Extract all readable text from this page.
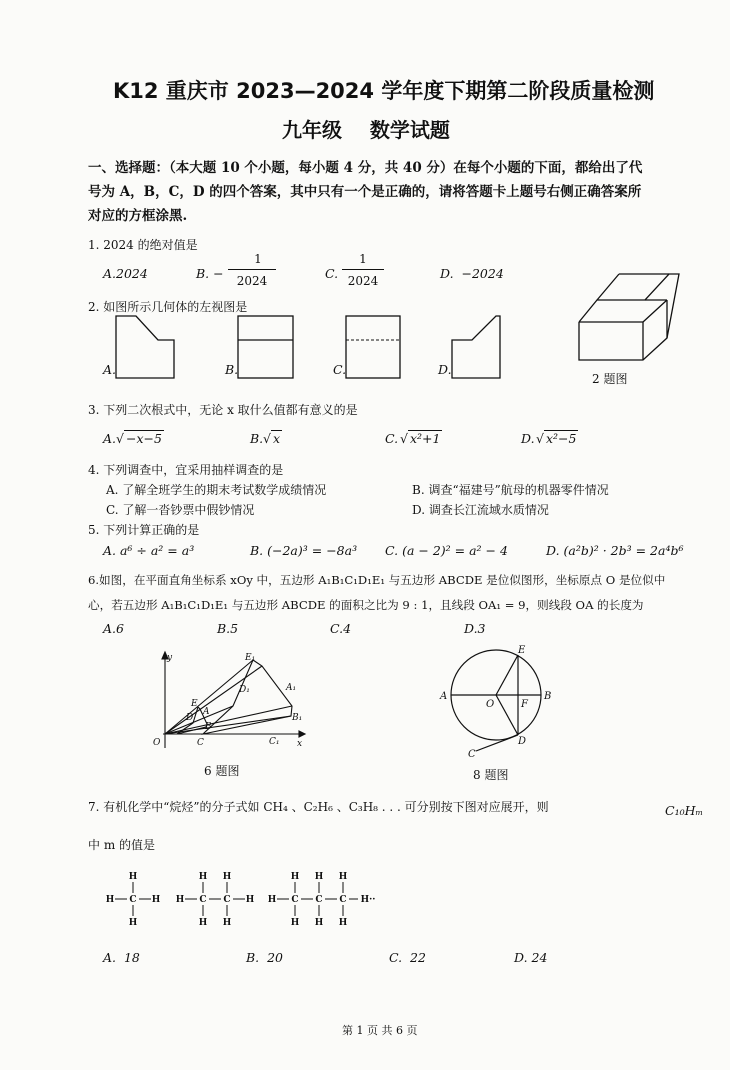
K12 重庆市 2023—2024 学年度下期第二阶段质量检测
九年级    数学试题
一、选择题：（本大题 10 个小题，每小题 4 分，共 40 分）在每个小题的下面，都给出了代
号为 A，B，C，D 的四个答案，其中只有一个是正确的，请将答题卡上题号右侧正确答案所
对应的方框涂黑.
1. 2024 的绝对值是
A.2024	B. −
1
2024	C.
1
2024	D.  −2024
2. 如图所示几何体的左视图是
A.	B.	C.	D.
2 题图
3. 下列二次根式中，无论 x 取什么值都有意义的是
A. √ −x−5	B. √ x	C. √ x²+1	D. √ x²−5
4. 下列调查中，宜采用抽样调查的是
A. 了解全班学生的期末考试数学成绩情况	B. 调查“福建号”航母的机器零件情况
C. 了解一沓钞票中假钞情况	D. 调查长江流域水质情况
5. 下列计算正确的是
A. a⁶ ÷ a² = a³	B. (−2a)³ = −8a³ C. (a − 2)² = a² − 4	D. (a²b)² · 2b³ = 2a⁴b⁶
6.如图，在平面直角坐标系 xOy 中，五边形 A₁B₁C₁D₁E₁ 与五边形 ABCDE 是位似图形，坐标原点 O 是位似中
心，若五边形 A₁B₁C₁D₁E₁ 与五边形 ABCDE 的面积之比为 9 : 1，且线段 OA₁ = 9，则线段 OA 的长度为
A.6	B.5	C.4	D.3
y
x
O
E₁
D₁	A₁
B₁
C₁
E
D
A
B
C
6 题图
E
B
A
O	F
D
C
8 题图
7. 有机化学中“烷烃”的分子式如 CH₄ 、C₂H₆ 、C₃H₈ . . . 可分别按下图对应展开，则	C₁₀Hₘ
中 m 的值是
H C H
H
H
H C C H
H H
H H
H C C C H··
H H H
H H H
A.  18	B.  20	C.  22	D. 24
第 1 页 共 6 页
